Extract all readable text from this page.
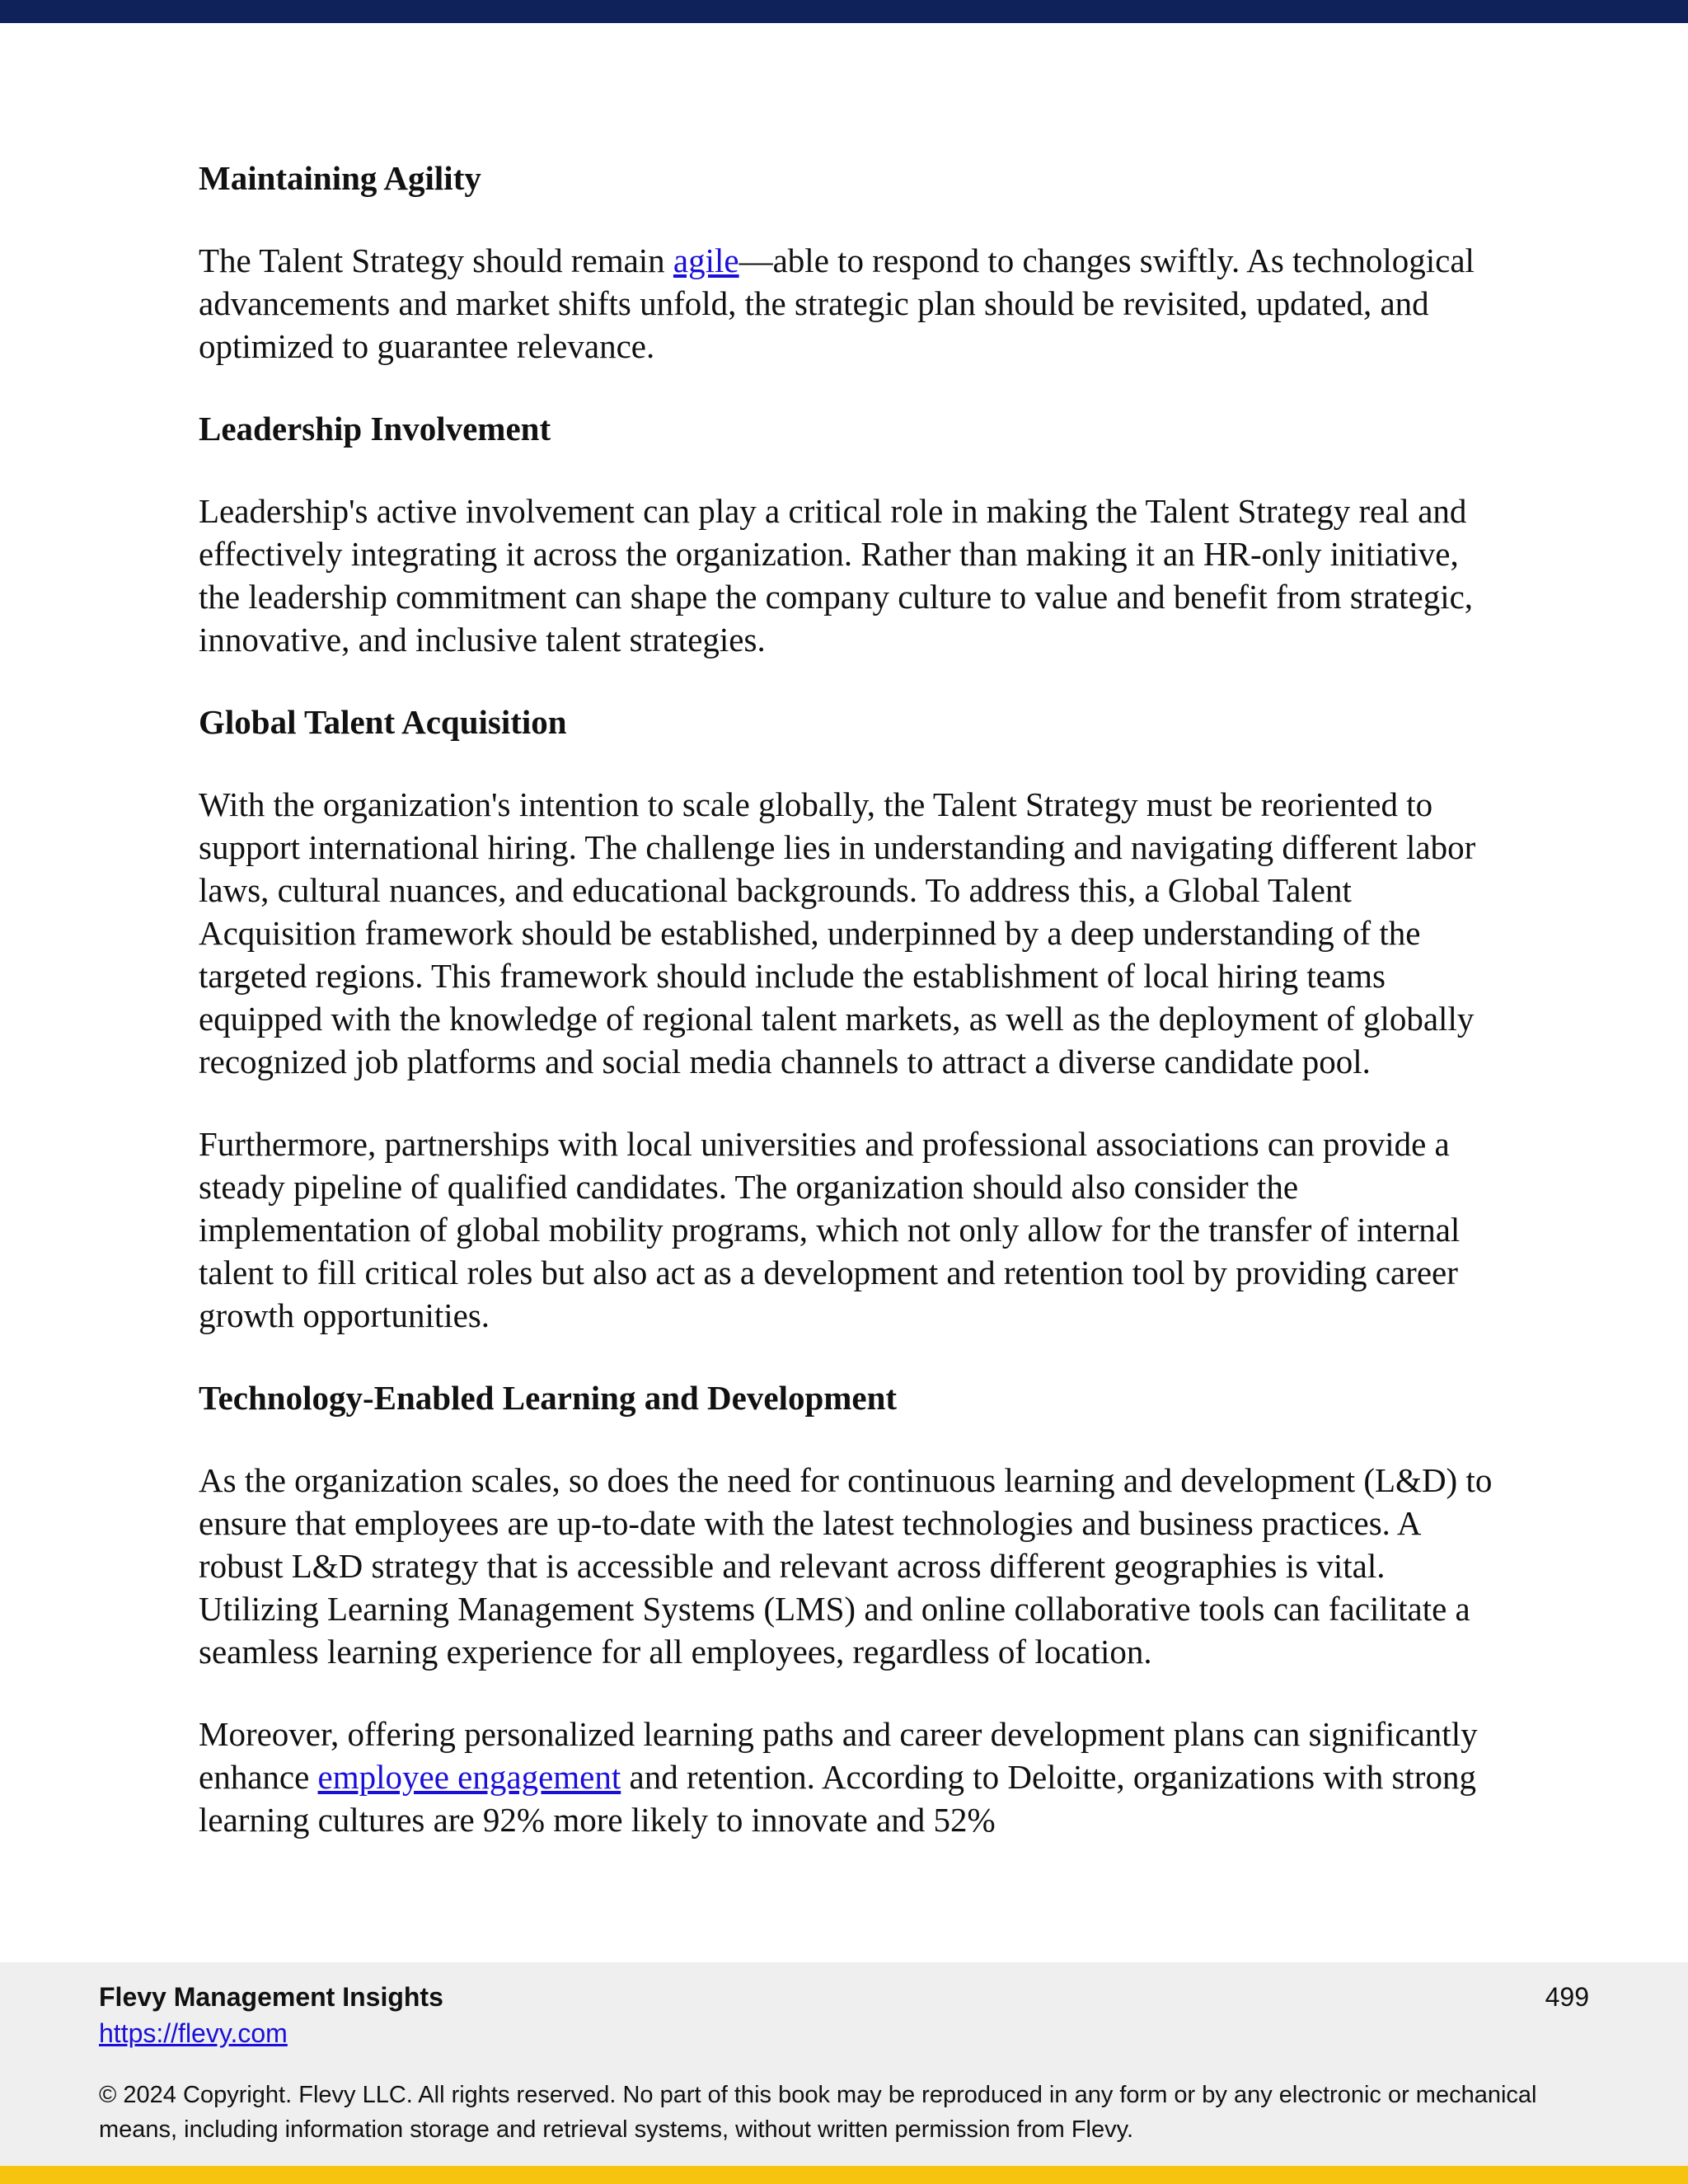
Maintaining Agility

The Talent Strategy should remain agile—able to respond to changes swiftly. As technological advancements and market shifts unfold, the strategic plan should be revisited, updated, and optimized to guarantee relevance.

Leadership Involvement

Leadership's active involvement can play a critical role in making the Talent Strategy real and effectively integrating it across the organization. Rather than making it an HR-only initiative, the leadership commitment can shape the company culture to value and benefit from strategic, innovative, and inclusive talent strategies.

Global Talent Acquisition

With the organization's intention to scale globally, the Talent Strategy must be reoriented to support international hiring. The challenge lies in understanding and navigating different labor laws, cultural nuances, and educational backgrounds. To address this, a Global Talent Acquisition framework should be established, underpinned by a deep understanding of the targeted regions. This framework should include the establishment of local hiring teams equipped with the knowledge of regional talent markets, as well as the deployment of globally recognized job platforms and social media channels to attract a diverse candidate pool.

Furthermore, partnerships with local universities and professional associations can provide a steady pipeline of qualified candidates. The organization should also consider the implementation of global mobility programs, which not only allow for the transfer of internal talent to fill critical roles but also act as a development and retention tool by providing career growth opportunities.

Technology-Enabled Learning and Development

As the organization scales, so does the need for continuous learning and development (L&D) to ensure that employees are up-to-date with the latest technologies and business practices. A robust L&D strategy that is accessible and relevant across different geographies is vital. Utilizing Learning Management Systems (LMS) and online collaborative tools can facilitate a seamless learning experience for all employees, regardless of location.

Moreover, offering personalized learning paths and career development plans can significantly enhance employee engagement and retention. According to Deloitte, organizations with strong learning cultures are 92% more likely to innovate and 52%

Flevy Management Insights
https://flevy.com
499
© 2024 Copyright. Flevy LLC. All rights reserved. No part of this book may be reproduced in any form or by any electronic or mechanical means, including information storage and retrieval systems, without written permission from Flevy.
